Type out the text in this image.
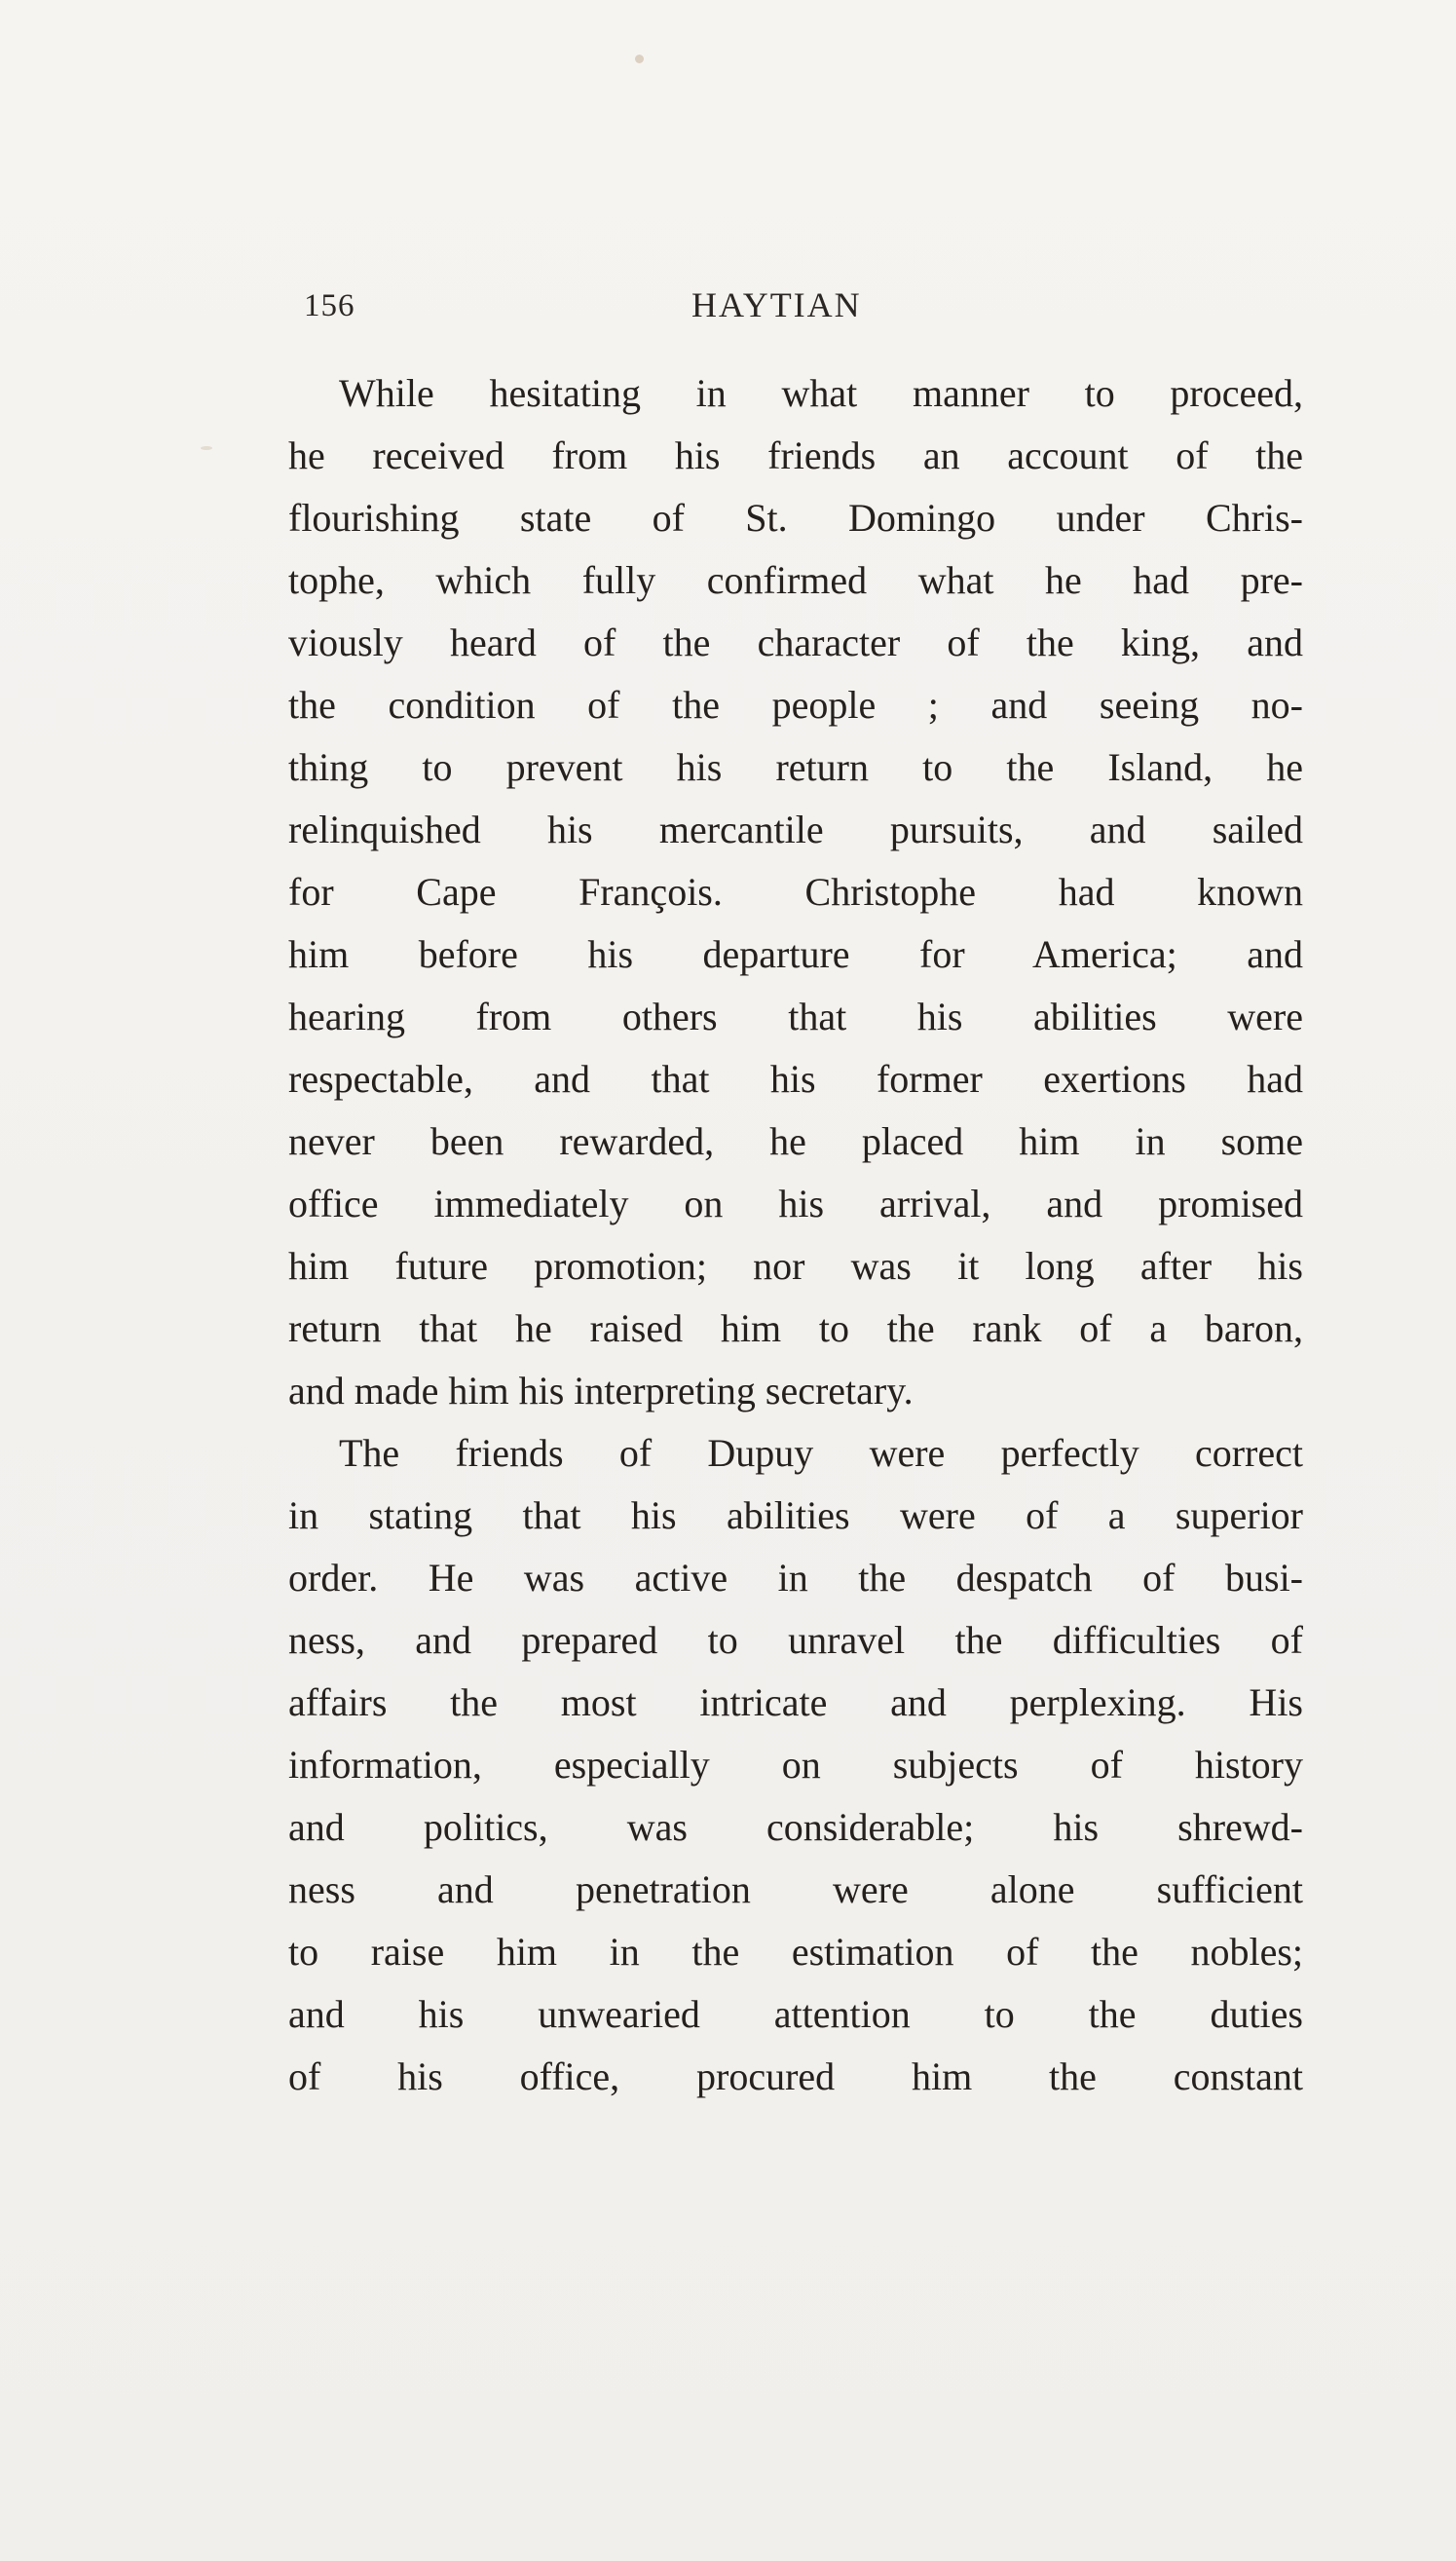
156	HAYTIAN
While hesitating in what manner to proceed,
he received from his friends an account of the
flourishing state of St. Domingo under Chris-
tophe, which fully confirmed what he had pre-
viously heard of the character of the king, and
the condition of the people ; and seeing no-
thing to prevent his return to the Island, he
relinquished his mercantile pursuits, and sailed
for Cape François. Christophe had known
him before his departure for America; and
hearing from others that his abilities were
respectable, and that his former exertions had
never been rewarded, he placed him in some
office immediately on his arrival, and promised
him future promotion; nor was it long after his
return that he raised him to the rank of a baron,
and made him his interpreting secretary.
The friends of Dupuy were perfectly correct
in stating that his abilities were of a superior
order. He was active in the despatch of busi-
ness, and prepared to unravel the difficulties of
affairs the most intricate and perplexing. His
information, especially on subjects of history
and politics, was considerable; his shrewd-
ness and penetration were alone sufficient
to raise him in the estimation of the nobles;
and his unwearied attention to the duties
of his office, procured him the constant
